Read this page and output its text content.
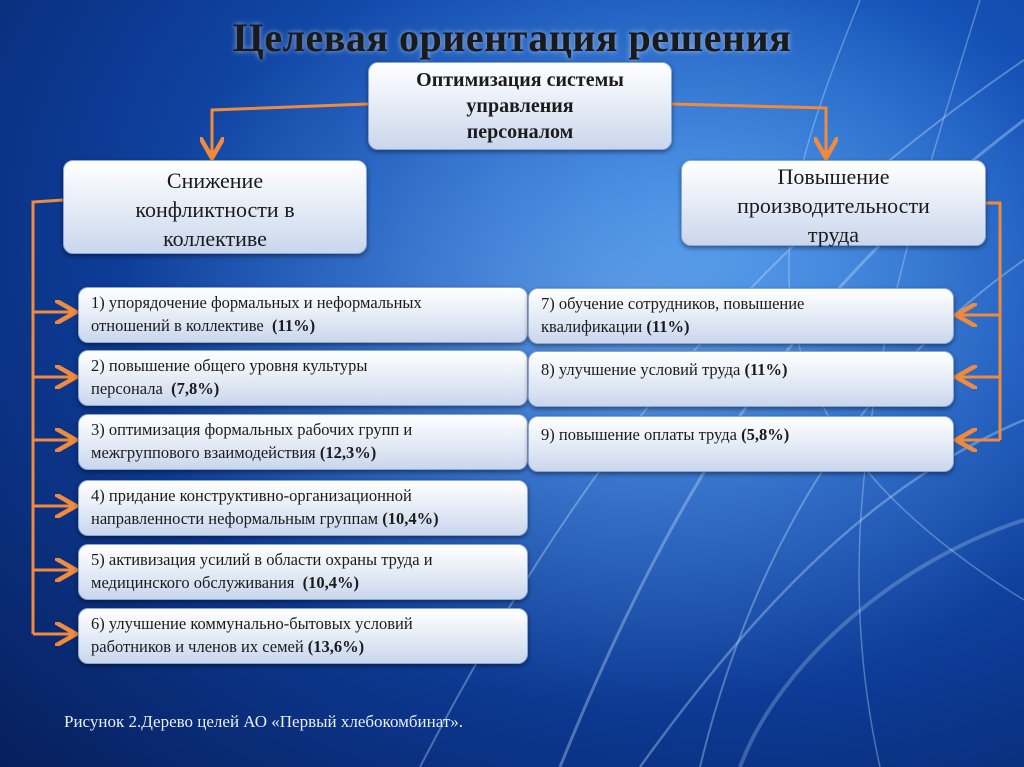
Целевая ориентация решения
Оптимизация системы
управления
персоналом
Снижение
конфликтности в
коллективе
Повышение
производительности
труда
1) упорядочение формальных и неформальных
отношений в коллективе  (11%)
2) повышение общего уровня культуры
персонала  (7,8%)
3) оптимизация формальных рабочих групп и
межгруппового взаимодействия (12,3%)
4) придание конструктивно-организационной
направленности неформальным группам (10,4%)
5) активизация усилий в области охраны труда и
медицинского обслуживания  (10,4%)
6) улучшение коммунально-бытовых условий
работников и членов их семей (13,6%)
7) обучение сотрудников, повышение
квалификации (11%)
8) улучшение условий труда (11%)
9) повышение оплаты труда (5,8%)
Рисунок 2.Дерево целей АО «Первый хлебокомбинат».
